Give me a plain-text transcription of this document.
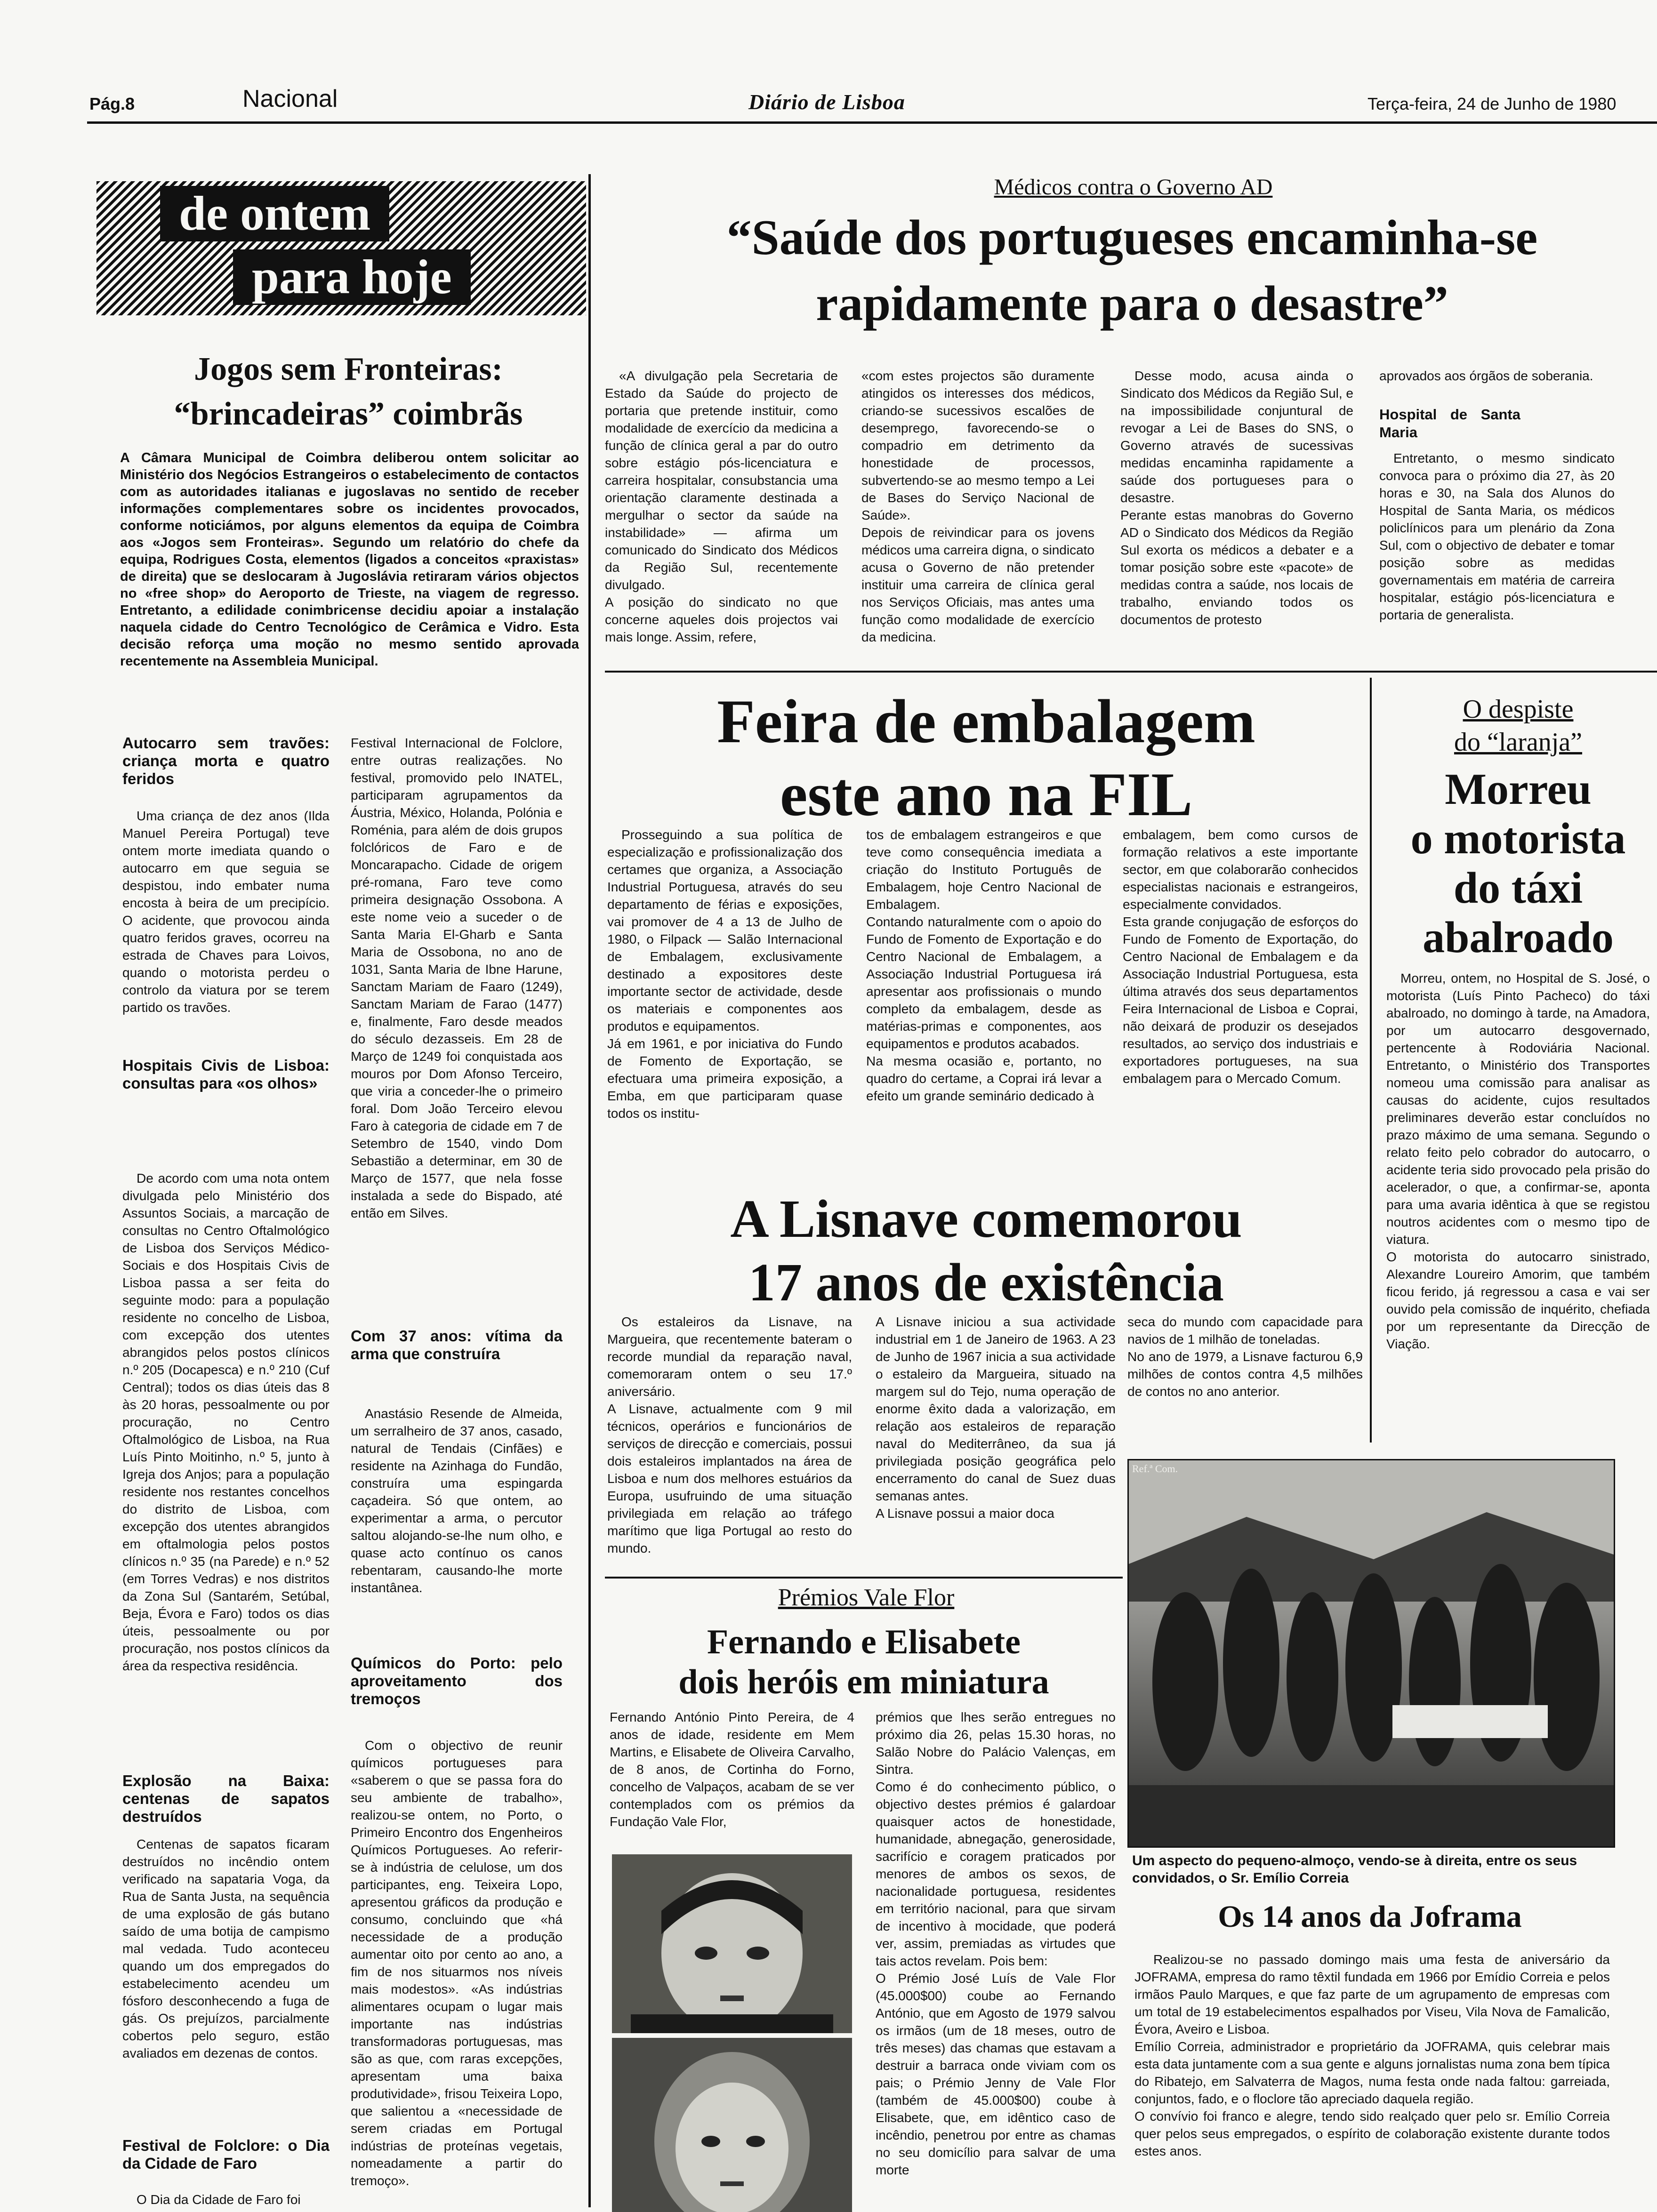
Pág.8	Nacional	Diário de Lisboa	Terça-feira, 24 de Junho de 1980
de ontem
para hoje
Jogos sem Fronteiras:
“brincadeiras” coimbrãs
A Câmara Municipal de Coimbra deliberou ontem solicitar ao Ministério dos Negócios Estrangeiros o estabelecimento de contactos com as autoridades italianas e jugoslavas no sentido de receber informações complementares sobre os incidentes provocados, conforme noticiámos, por alguns elementos da equipa de Coimbra aos «Jogos sem Fronteiras». Segundo um relatório do chefe da equipa, Rodrigues Costa, elementos (ligados a conceitos «praxistas» de direita) que se deslocaram à Jugoslávia retiraram vários objectos no «free shop» do Aeroporto de Trieste, na viagem de regresso. Entretanto, a edilidade conimbricense decidiu apoiar a instalação naquela cidade do Centro Tecnológico de Cerâmica e Vidro. Esta decisão reforça uma moção no mesmo sentido aprovada recentemente na Assembleia Municipal.
Autocarro sem travões: criança morta e quatro feridos
Uma criança de dez anos (Ilda Manuel Pereira Portugal) teve ontem morte imediata quando o autocarro em que seguia se despistou, indo embater numa encosta à beira de um precipício. O acidente, que provocou ainda quatro feridos graves, ocorreu na estrada de Chaves para Loivos, quando o motorista perdeu o controlo da viatura por se terem partido os travões.
Hospitais Civis de Lisboa: consultas para «os olhos»
De acordo com uma nota ontem divulgada pelo Ministério dos Assuntos Sociais, a marcação de consultas no Centro Oftalmológico de Lisboa dos Serviços Médico-Sociais e dos Hospitais Civis de Lisboa passa a ser feita do seguinte modo: para a população residente no concelho de Lisboa, com excepção dos utentes abrangidos pelos postos clínicos n.º 205 (Docapesca) e n.º 210 (Cuf Central); todos os dias úteis das 8 às 20 horas, pessoalmente ou por procuração, no Centro Oftalmológico de Lisboa, na Rua Luís Pinto Moitinho, n.º 5, junto à Igreja dos Anjos; para a população residente nos restantes concelhos do distrito de Lisboa, com excepção dos utentes abrangidos em oftalmologia pelos postos clínicos n.º 35 (na Parede) e n.º 52 (em Torres Vedras) e nos distritos da Zona Sul (Santarém, Setúbal, Beja, Évora e Faro) todos os dias úteis, pessoalmente ou por procuração, nos postos clínicos da área da respectiva residência.
Explosão na Baixa: centenas de sapatos destruídos
Centenas de sapatos ficaram destruídos no incêndio ontem verificado na sapataria Voga, da Rua de Santa Justa, na sequência de uma explosão de gás butano saído de uma botija de campismo mal vedada. Tudo aconteceu quando um dos empregados do estabelecimento acendeu um fósforo desconhecendo a fuga de gás. Os prejuízos, parcialmente cobertos pelo seguro, estão avaliados em dezenas de contos.
Festival de Folclore: o Dia da Cidade de Faro
O Dia da Cidade de Faro foi
Festival Internacional de Folclore, entre outras realizações. No festival, promovido pelo INATEL, participaram agrupamentos da Áustria, México, Holanda, Polónia e Roménia, para além de dois grupos folclóricos de Faro e de Moncarapacho. Cidade de origem pré-romana, Faro teve como primeira designação Ossobona. A este nome veio a suceder o de Santa Maria El-Gharb e Santa Maria de Ossobona, no ano de 1031, Santa Maria de Ibne Harune, Sanctam Mariam de Faaro (1249), Sanctam Mariam de Farao (1477) e, finalmente, Faro desde meados do século dezasseis. Em 28 de Março de 1249 foi conquistada aos mouros por Dom Afonso Terceiro, que viria a conceder-lhe o primeiro foral. Dom João Terceiro elevou Faro à categoria de cidade em 7 de Setembro de 1540, vindo Dom Sebastião a determinar, em 30 de Março de 1577, que nela fosse instalada a sede do Bispado, até então em Silves.
Com 37 anos: vítima da arma que construíra
Anastásio Resende de Almeida, um serralheiro de 37 anos, casado, natural de Tendais (Cinfães) e residente na Azinhaga do Fundão, construíra uma espingarda caçadeira. Só que ontem, ao experimentar a arma, o percutor saltou alojando-se-lhe num olho, e quase acto contínuo os canos rebentaram, causando-lhe morte instantânea.
Químicos do Porto: pelo aproveitamento dos tremoços
Com o objectivo de reunir químicos portugueses para «saberem o que se passa fora do seu ambiente de trabalho», realizou-se ontem, no Porto, o Primeiro Encontro dos Engenheiros Químicos Portugueses. Ao referir-se à indústria de celulose, um dos participantes, eng. Teixeira Lopo, apresentou gráficos da produção e consumo, concluindo que «há necessidade de a produção aumentar oito por cento ao ano, a fim de nos situarmos nos níveis mais modestos». «As indústrias alimentares ocupam o lugar mais importante nas indústrias transformadoras portuguesas, mas são as que, com raras excepções, apresentam uma baixa produtividade», frisou Teixeira Lopo, que salientou a «necessidade de serem criadas em Portugal indústrias de proteínas vegetais, nomeadamente a partir do tremoço».
Médicos contra o Governo AD
“Saúde dos portugueses encaminha-se
rapidamente para o desastre”
«A divulgação pela Secretaria de Estado da Saúde do projecto de portaria que pretende instituir, como modalidade de exercício da medicina a função de clínica geral a par do outro sobre estágio pós-licenciatura e carreira hospitalar, consubstancia uma orientação claramente destinada a mergulhar o sector da saúde na instabilidade» — afirma um comunicado do Sindicato dos Médicos da Região Sul, recentemente divulgado.
A posição do sindicato no que concerne aqueles dois projectos vai mais longe. Assim, refere,
«com estes projectos são duramente atingidos os interesses dos médicos, criando-se sucessivos escalões de desemprego, favorecendo-se o compadrio em detrimento da honestidade de processos, subvertendo-se ao mesmo tempo a Lei de Bases do Serviço Nacional de Saúde».
Depois de reivindicar para os jovens médicos uma carreira digna, o sindicato acusa o Governo de não pretender instituir uma carreira de clínica geral nos Serviços Oficiais, mas antes uma função como modalidade de exercício da medicina.
Desse modo, acusa ainda o Sindicato dos Médicos da Região Sul, e na impossibilidade conjuntural de revogar a Lei de Bases do SNS, o Governo através de sucessivas medidas encaminha rapidamente a saúde dos portugueses para o desastre.
Perante estas manobras do Governo AD o Sindicato dos Médicos da Região Sul exorta os médicos a debater e a tomar posição sobre este «pacote» de medidas contra a saúde, nos locais de trabalho, enviando todos os documentos de protesto
aprovados aos órgãos de soberania.
Hospital de Santa Maria
Entretanto, o mesmo sindicato convoca para o próximo dia 27, às 20 horas e 30, na Sala dos Alunos do Hospital de Santa Maria, os médicos policlínicos para um plenário da Zona Sul, com o objectivo de debater e tomar posição sobre as medidas governamentais em matéria de carreira hospitalar, estágio pós-licenciatura e portaria de generalista.
Feira de embalagem
este ano na FIL
Prosseguindo a sua política de especialização e profissionalização dos certames que organiza, a Associação Industrial Portuguesa, através do seu departamento de férias e exposições, vai promover de 4 a 13 de Julho de 1980, o Filpack — Salão Internacional de Embalagem, exclusivamente destinado a expositores deste importante sector de actividade, desde os materiais e componentes aos produtos e equipamentos.
Já em 1961, e por iniciativa do Fundo de Fomento de Exportação, se efectuara uma primeira exposição, a Emba, em que participaram quase todos os institu-
tos de embalagem estrangeiros e que teve como consequência imediata a criação do Instituto Português de Embalagem, hoje Centro Nacional de Embalagem.
Contando naturalmente com o apoio do Fundo de Fomento de Exportação e do Centro Nacional de Embalagem, a Associação Industrial Portuguesa irá apresentar aos profissionais o mundo completo da embalagem, desde as matérias-primas e componentes, aos equipamentos e produtos acabados.
Na mesma ocasião e, portanto, no quadro do certame, a Coprai irá levar a efeito um grande seminário dedicado à
embalagem, bem como cursos de formação relativos a este importante sector, em que colaborarão conhecidos especialistas nacionais e estrangeiros, especialmente convidados.
Esta grande conjugação de esforços do Fundo de Fomento de Exportação, do Centro Nacional de Embalagem e da Associação Industrial Portuguesa, esta última através dos seus departamentos Feira Internacional de Lisboa e Coprai, não deixará de produzir os desejados resultados, ao serviço dos industriais e exportadores portugueses, na sua embalagem para o Mercado Comum.
O despiste
do “laranja”
Morreu
o motorista
do táxi
abalroado
Morreu, ontem, no Hospital de S. José, o motorista (Luís Pinto Pacheco) do táxi abalroado, no domingo à tarde, na Amadora, por um autocarro desgovernado, pertencente à Rodoviária Nacional. Entretanto, o Ministério dos Transportes nomeou uma comissão para analisar as causas do acidente, cujos resultados preliminares deverão estar concluídos no prazo máximo de uma semana. Segundo o relato feito pelo cobrador do autocarro, o acidente teria sido provocado pela prisão do acelerador, o que, a confirmar-se, aponta para uma avaria idêntica à que se registou noutros acidentes com o mesmo tipo de viatura.
O motorista do autocarro sinistrado, Alexandre Loureiro Amorim, que também ficou ferido, já regressou a casa e vai ser ouvido pela comissão de inquérito, chefiada por um representante da Direcção de Viação.
A Lisnave comemorou
17 anos de existência
Os estaleiros da Lisnave, na Margueira, que recentemente bateram o recorde mundial da reparação naval, comemoraram ontem o seu 17.º aniversário.
A Lisnave, actualmente com 9 mil técnicos, operários e funcionários de serviços de direcção e comerciais, possui dois estaleiros implantados na área de Lisboa e num dos melhores estuários da Europa, usufruindo de uma situação privilegiada em relação ao tráfego marítimo que liga Portugal ao resto do mundo.
A Lisnave iniciou a sua actividade industrial em 1 de Janeiro de 1963. A 23 de Junho de 1967 inicia a sua actividade o estaleiro da Margueira, situado na margem sul do Tejo, numa operação de enorme êxito dada a valorização, em relação aos estaleiros de reparação naval do Mediterrâneo, da sua já privilegiada posição geográfica pelo encerramento do canal de Suez duas semanas antes.
A Lisnave possui a maior doca
seca do mundo com capacidade para navios de 1 milhão de toneladas.
No ano de 1979, a Lisnave facturou 6,9 milhões de contos contra 4,5 milhões de contos no ano anterior.
Ref.ª Com.
Um aspecto do pequeno-almoço, vendo-se à direita, entre os seus convidados, o Sr. Emílio Correia
Prémios Vale Flor
Fernando e Elisabete
dois heróis em miniatura
Fernando António Pinto Pereira, de 4 anos de idade, residente em Mem Martins, e Elisabete de Oliveira Carvalho, de 8 anos, de Cortinha do Forno, concelho de Valpaços, acabam de se ver contemplados com os prémios da Fundação Vale Flor,
prémios que lhes serão entregues no próximo dia 26, pelas 15.30 horas, no Salão Nobre do Palácio Valenças, em Sintra.
Como é do conhecimento público, o objectivo destes prémios é galardoar quaisquer actos de honestidade, humanidade, abnegação, generosidade, sacrifício e coragem praticados por menores de ambos os sexos, de nacionalidade portuguesa, residentes em território nacional, para que sirvam de incentivo à mocidade, que poderá ver, assim, premiadas as virtudes que tais actos revelam. Pois bem:
O Prémio José Luís de Vale Flor (45.000$00) coube ao Fernando António, que em Agosto de 1979 salvou os irmãos (um de 18 meses, outro de três meses) das chamas que estavam a destruir a barraca onde viviam com os pais; o Prémio Jenny de Vale Flor (também de 45.000$00) coube à Elisabete, que, em idêntico caso de incêndio, penetrou por entre as chamas no seu domicílio para salvar de uma morte
Os 14 anos da Joframa
Realizou-se no passado domingo mais uma festa de aniversário da JOFRAMA, empresa do ramo têxtil fundada em 1966 por Emídio Correia e pelos irmãos Paulo Marques, e que faz parte de um agrupamento de empresas com um total de 19 estabelecimentos espalhados por Viseu, Vila Nova de Famalicão, Évora, Aveiro e Lisboa.
Emílio Correia, administrador e proprietário da JOFRAMA, quis celebrar mais esta data juntamente com a sua gente e alguns jornalistas numa zona bem típica do Ribatejo, em Salvaterra de Magos, numa festa onde nada faltou: garreiada, conjuntos, fado, e o floclore tão apreciado daquela região.
O convívio foi franco e alegre, tendo sido realçado quer pelo sr. Emílio Correia quer pelos seus empregados, o espírito de colaboração existente durante todos estes anos.
